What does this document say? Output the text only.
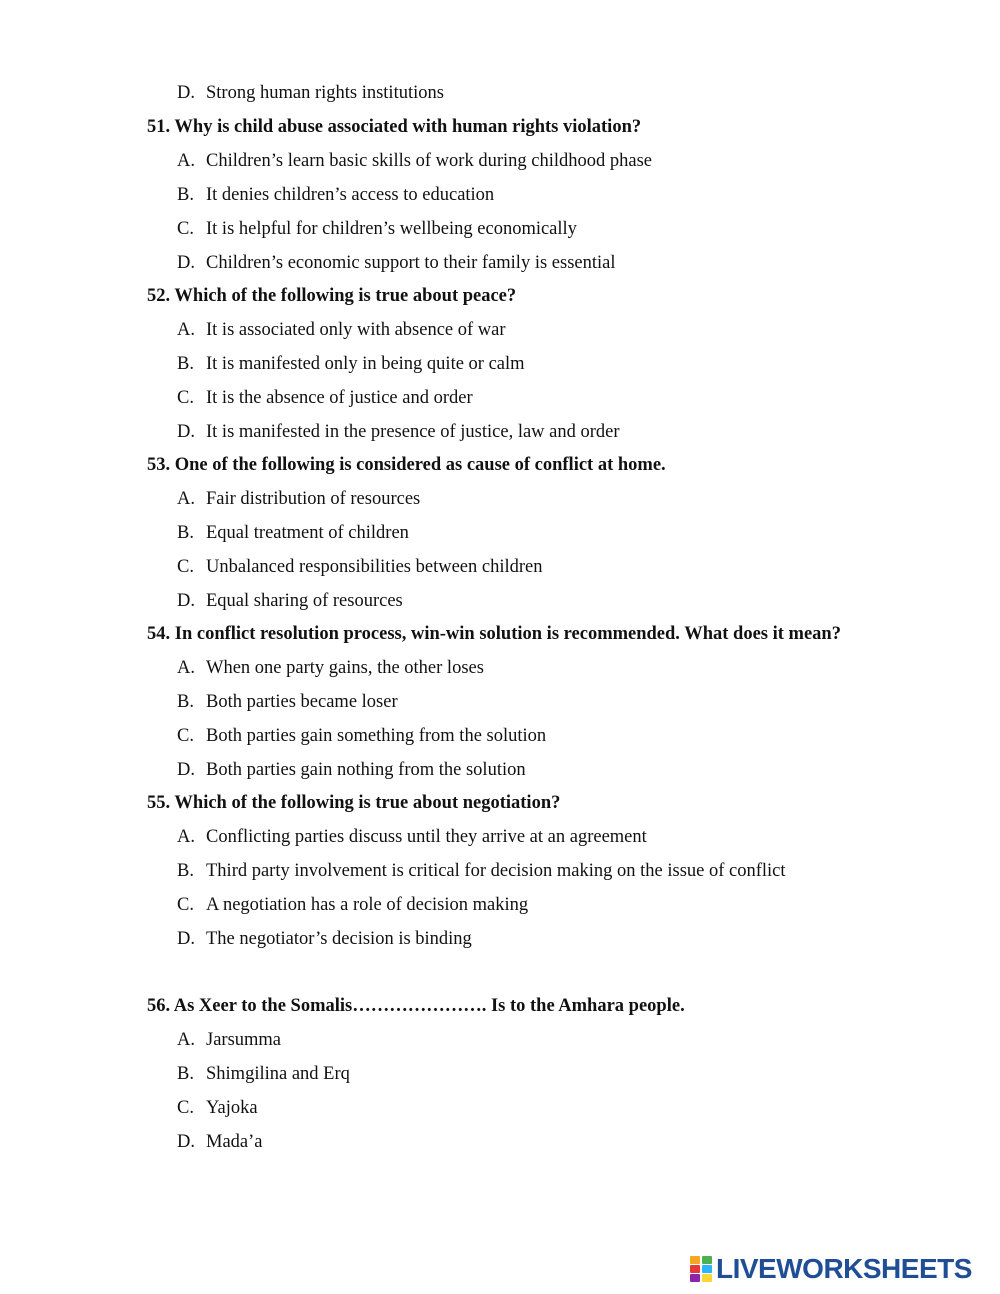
D. Strong human rights institutions
51. Why is child abuse associated with human rights violation?
A. Children’s learn basic skills of work during childhood phase
B. It denies children’s access to education
C. It is helpful for children’s wellbeing economically
D. Children’s economic support to their family is essential
52. Which of the following is true about peace?
A. It is associated only with absence of war
B. It is manifested only in being quite or calm
C. It is the absence of justice and order
D. It is manifested in the presence of justice, law and order
53. One of the following is considered as cause of conflict at home.
A. Fair distribution of resources
B. Equal treatment of children
C. Unbalanced responsibilities between children
D. Equal sharing of resources
54. In conflict resolution process, win-win solution is recommended. What does it mean?
A. When one party gains, the other loses
B. Both parties became loser
C. Both parties gain something from the solution
D. Both parties gain nothing from the solution
55. Which of the following is true about negotiation?
A. Conflicting parties discuss until they arrive at an agreement
B. Third party involvement is critical for decision making on the issue of conflict
C. A negotiation has a role of decision making
D. The negotiator’s decision is binding
56. As Xeer to the Somalis…………………. Is to the Amhara people.
A. Jarsumma
B. Shimgilina and Erq
C. Yajoka
D. Mada’a
LIVEWORKSHEETS
